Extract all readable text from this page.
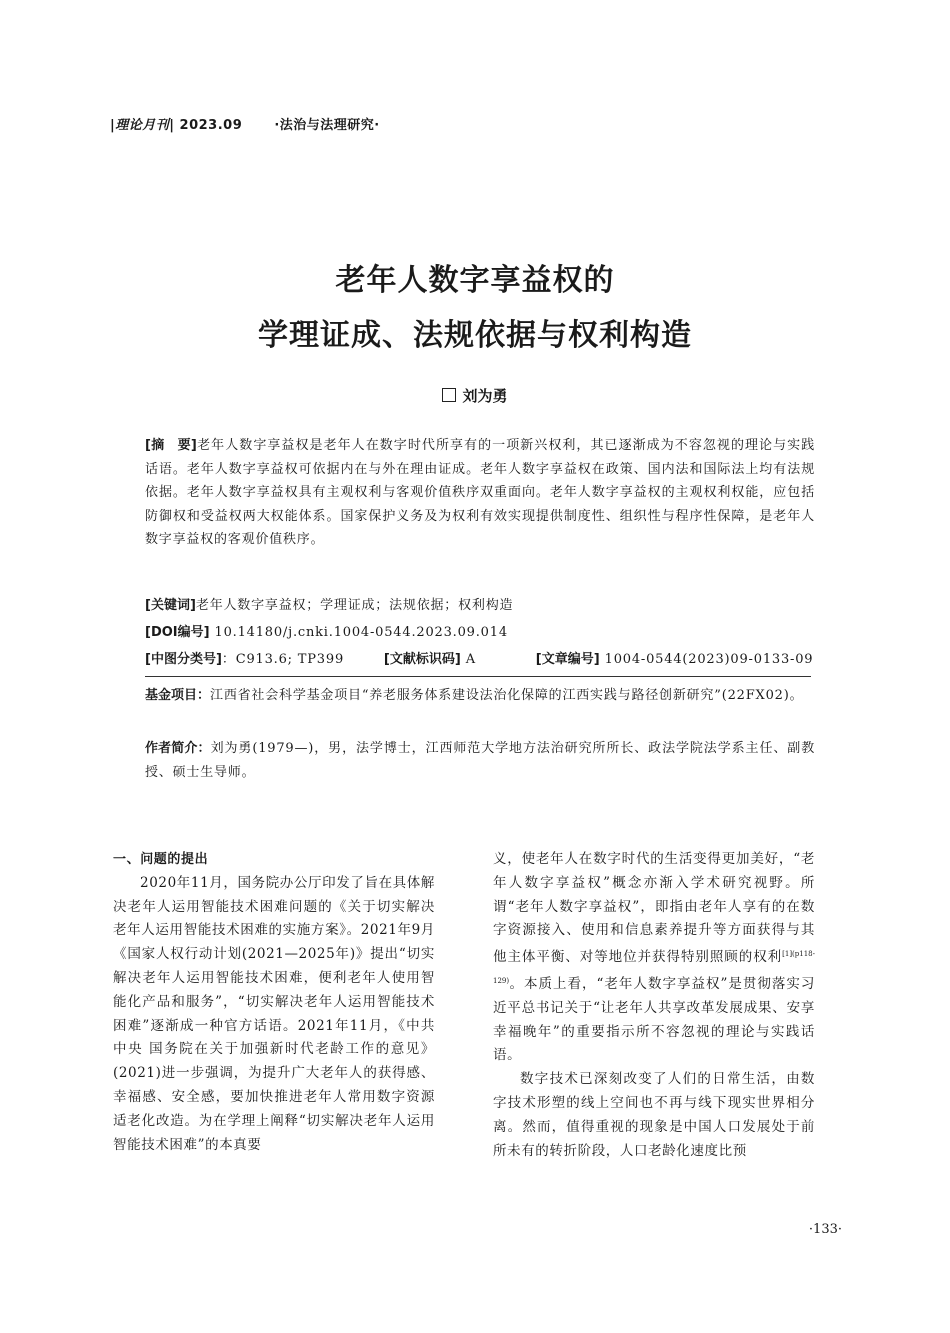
|理论月刊| 2023.09 ·法治与法理研究·
老年人数字享益权的
学理证成、法规依据与权利构造
刘为勇
[摘　要]老年人数字享益权是老年人在数字时代所享有的一项新兴权利，其已逐渐成为不容忽视的理论与实践话语。老年人数字享益权可依据内在与外在理由证成。老年人数字享益权在政策、国内法和国际法上均有法规依据。老年人数字享益权具有主观权利与客观价值秩序双重面向。老年人数字享益权的主观权利权能，应包括防御权和受益权两大权能体系。国家保护义务及为权利有效实现提供制度性、组织性与程序性保障，是老年人数字享益权的客观价值秩序。
[关键词]老年人数字享益权；学理证成；法规依据；权利构造
[DOI编号] 10.14180/j.cnki.1004-0544.2023.09.014
[中图分类号]：C913.6; TP399	[文献标识码] A	[文章编号] 1004-0544(2023)09-0133-09
基金项目：江西省社会科学基金项目“养老服务体系建设法治化保障的江西实践与路径创新研究”(22FX02)。
作者简介：刘为勇(1979—)，男，法学博士，江西师范大学地方法治研究所所长、政法学院法学系主任、副教授、硕士生导师。
一、问题的提出

2020年11月，国务院办公厅印发了旨在具体解决老年人运用智能技术困难问题的《关于切实解决老年人运用智能技术困难的实施方案》。2021年9月《国家人权行动计划(2021—2025年)》提出“切实解决老年人运用智能技术困难，便利老年人使用智能化产品和服务”，“切实解决老年人运用智能技术困难”逐渐成一种官方话语。2021年11月，《中共中央 国务院在关于加强新时代老龄工作的意见》(2021)进一步强调，为提升广大老年人的获得感、幸福感、安全感，要加快推进老年人常用数字资源适老化改造。为在学理上阐释“切实解决老年人运用智能技术困难”的本真要

义，使老年人在数字时代的生活变得更加美好，“老年人数字享益权”概念亦渐入学术研究视野。所谓“老年人数字享益权”，即指由老年人享有的在数字资源接入、使用和信息素养提升等方面获得与其他主体平衡、对等地位并获得特别照顾的权利$^{[1](p118-129)}$。本质上看，“老年人数字享益权”是贯彻落实习近平总书记关于“让老年人共享改革发展成果、安享幸福晚年”的重要指示所不容忽视的理论与实践话语。

数字技术已深刻改变了人们的日常生活，由数字技术形塑的线上空间也不再与线下现实世界相分离。然而，值得重视的现象是中国人口发展处于前所未有的转折阶段，人口老龄化速度比预

·133·
